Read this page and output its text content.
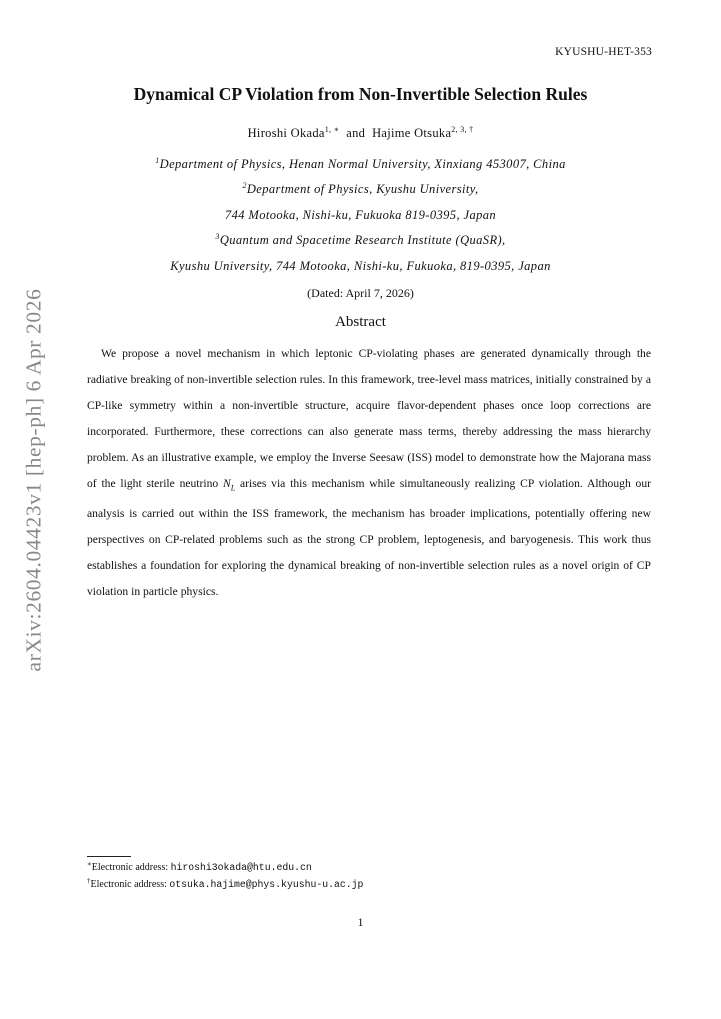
KYUSHU-HET-353
Dynamical CP Violation from Non-Invertible Selection Rules
Hiroshi Okada$^{1, ∗}$ and Hajime Otsuka$^{2, 3, \dagger}$
$^1$Department of Physics, Henan Normal University, Xinxiang 453007, China
$^2$Department of Physics, Kyushu University,
744 Motooka, Nishi-ku, Fukuoka 819-0395, Japan
$^3$Quantum and Spacetime Research Institute (QuaSR),
Kyushu University, 744 Motooka, Nishi-ku, Fukuoka, 819-0395, Japan
(Dated: April 7, 2026)
Abstract
We propose a novel mechanism in which leptonic CP-violating phases are generated dynamically through the radiative breaking of non-invertible selection rules. In this framework, tree-level mass matrices, initially constrained by a CP-like symmetry within a non-invertible structure, acquire flavor-dependent phases once loop corrections are incorporated. Furthermore, these corrections can also generate mass terms, thereby addressing the mass hierarchy problem. As an illustrative example, we employ the Inverse Seesaw (ISS) model to demonstrate how the Majorana mass of the light sterile neutrino $N_L$ arises via this mechanism while simultaneously realizing CP violation. Although our analysis is carried out within the ISS framework, the mechanism has broader implications, potentially offering new perspectives on CP-related problems such as the strong CP problem, leptogenesis, and baryogenesis. This work thus establishes a foundation for exploring the dynamical breaking of non-invertible selection rules as a novel origin of CP violation in particle physics.
arXiv:2604.04423v1 [hep-ph] 6 Apr 2026
∗Electronic address: hiroshi3okada@htu.edu.cn
†Electronic address: otsuka.hajime@phys.kyushu-u.ac.jp
1
